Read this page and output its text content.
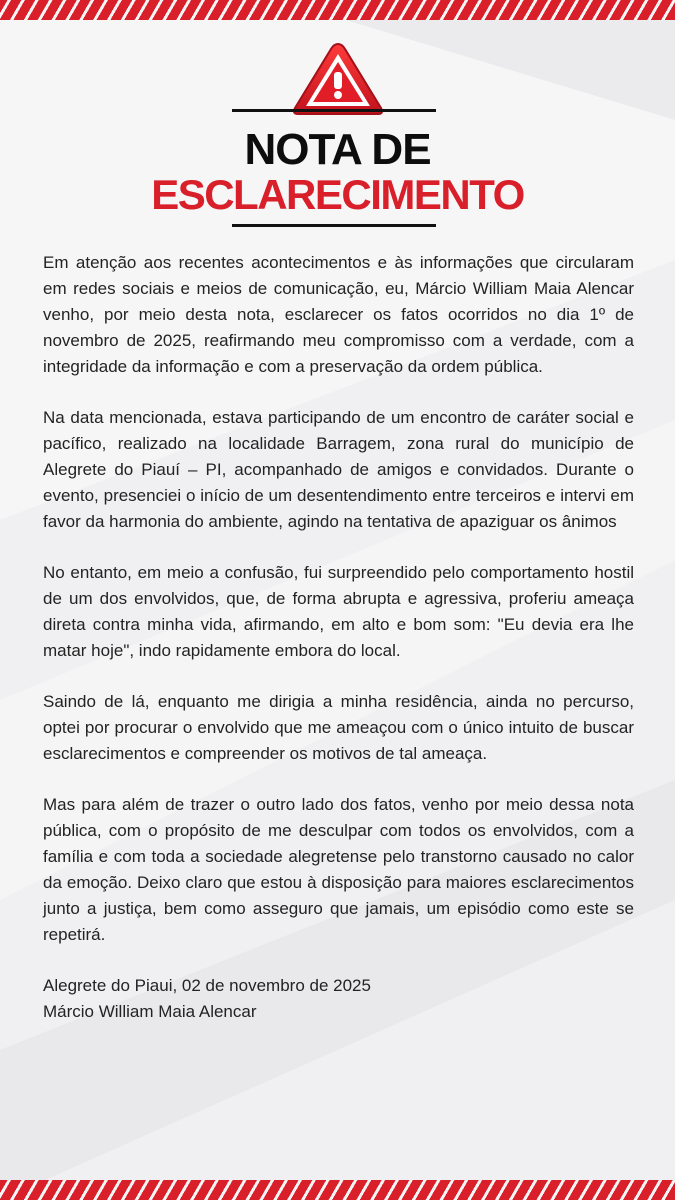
NOTA DE
ESCLARECIMENTO

Em atenção aos recentes acontecimentos e às informações que circularam em redes sociais e meios de comunicação, eu, Márcio William Maia Alencar venho, por meio desta nota, esclarecer os fatos ocorridos no dia 1º de novembro de 2025, reafirmando meu compromisso com a verdade, com a integridade da informação e com a preservação da ordem pública.

Na data mencionada, estava participando de um encontro de caráter social e pacífico, realizado na localidade Barragem, zona rural do município de Alegrete do Piauí – PI, acompanhado de amigos e convidados. Durante o evento, presenciei o início de um desentendimento entre terceiros e intervi em favor da harmonia do ambiente, agindo na tentativa de apaziguar os ânimos

No entanto, em meio a confusão, fui surpreendido pelo comportamento hostil de um dos envolvidos, que, de forma abrupta e agressiva, proferiu ameaça direta contra minha vida, afirmando, em alto e bom som: "Eu devia era lhe matar hoje", indo rapidamente embora do local.

Saindo de lá, enquanto me dirigia a minha residência, ainda no percurso, optei por procurar o envolvido que me ameaçou com o único intuito de buscar esclarecimentos e compreender os motivos de tal ameaça.

Mas para além de trazer o outro lado dos fatos, venho por meio dessa nota pública, com o propósito de me desculpar com todos os envolvidos, com a família e com toda a sociedade alegretense pelo transtorno causado no calor da emoção. Deixo claro que estou à disposição para maiores esclarecimentos junto a justiça, bem como asseguro que jamais, um episódio como este se repetirá.

Alegrete do Piaui, 02 de novembro de 2025
Márcio William Maia Alencar
